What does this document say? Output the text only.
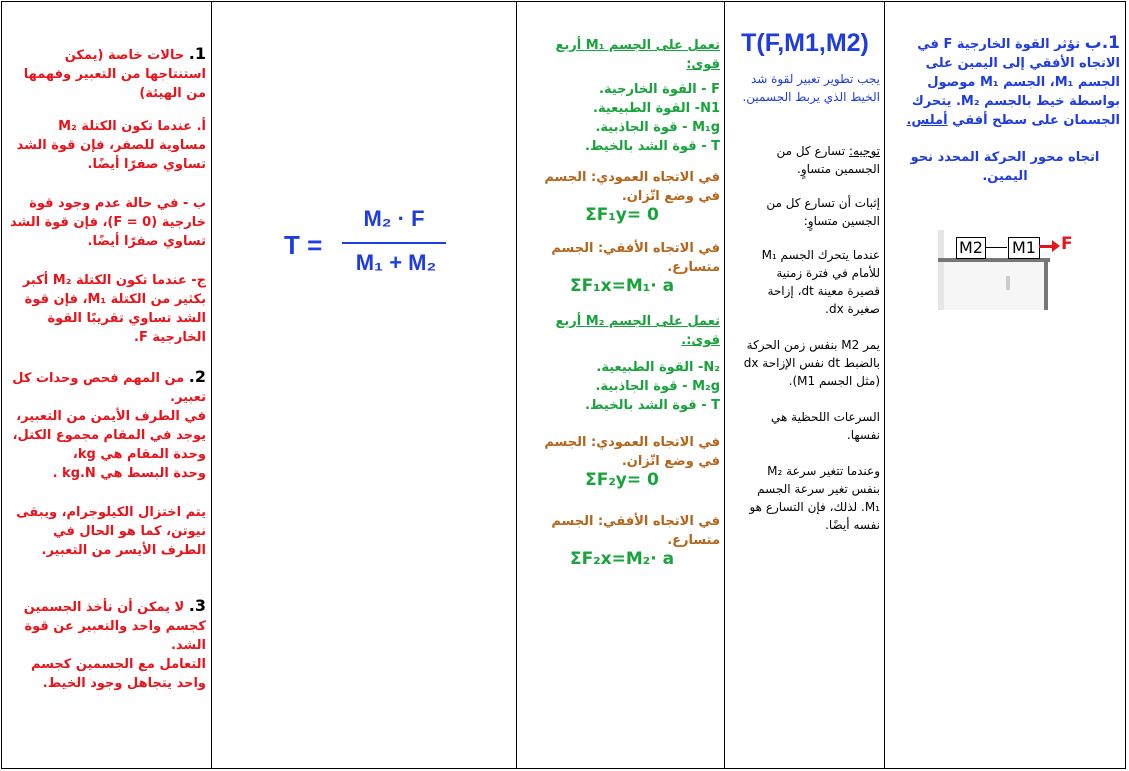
1. حالات خاصة (يمكن استنتاجها من التعبير وفهمها من الهيئة)

أ. عندما تكون الكتلة M₂ مساوية للصفر، فإن قوة الشد تساوي صفرًا أيضًا.

ب - في حالة عدم وجود قوة خارجية (F = 0)، فإن قوة الشد تساوي صفرًا أيضًا.

ج- عندما تكون الكتلة M₂ أكبر بكثير من الكتلة M₁، فإن قوة الشد تساوي تقريبًا القوة الخارجية F.

2. من المهم فحص وحدات كل تعبير.

في الطرف الأيمن من التعبير، يوجد في المقام مجموع الكتل، وحدة المقام هي kg،

وحدة البسط هي kg.N .

يتم اختزال الكيلوجرام، ويبقى نيوتن، كما هو الحال في الطرف الأيسر من التعبير.

3. لا يمكن أن نأخذ الجسمين كجسم واحد والتعبير عن قوة الشد.

التعامل مع الجسمين كجسم واحد يتجاهل وجود الخيط.

T =
M₂ · F
M₁ + M₂

تعمل على الجسم M₁ أربع قوى:

F - القوة الخارجية.

N1- القوة الطبيعية.

M₁g - قوة الجاذبية.

T - قوة الشد بالخيط.

في الاتجاه العمودي: الجسم في وضع اتّزان.

ΣF₁y= 0

في الاتجاه الأفقي: الجسم متسارع.

ΣF₁x=M₁· a

تعمل على الجسم M₂ أربع قوى:.

N₂- القوة الطبيعية.

M₂g - قوة الجاذبية.

T - قوة الشد بالخيط.

في الاتجاه العمودي: الجسم في وضع اتّزان.

ΣF₂y= 0

في الاتجاه الأفقي: الجسم متسارع.

ΣF₂x=M₂· a

T(F,M1,M2)

يجب تطوير تعبير لقوة شد الخيط الذي يربط الجسمين.

توجيه: تسارع كل من الجسمين متساوٍ.

إثبات أن تسارع كل من الجسين متساوٍ:

عندما يتحرك الجسم M₁ للأمام في فترة زمنية قصيرة معينة dt، إزاحة صغيرة dx.

يمر M2 بنفس زمن الحركة بالضبط dt نفس الإزاحة dx (مثل الجسم M1).

السرعات اللحظية هي نفسها.

وعندما تتغير سرعة M₂ بنفس تغير سرعة الجسم M₁. لذلك، فإن التسارع هو نفسه أيضًا.

1.ب تؤثر القوة الخارجية F في الاتجاه الأفقي إلى اليمين على الجسم M₁، الجسم M₁ موصول بواسطة خيط بالجسم M₂. يتحرك الجسمان على سطح أفقي أملس.

اتجاه محور الحركة المحدد نحو اليمين.

M2 M1 F
